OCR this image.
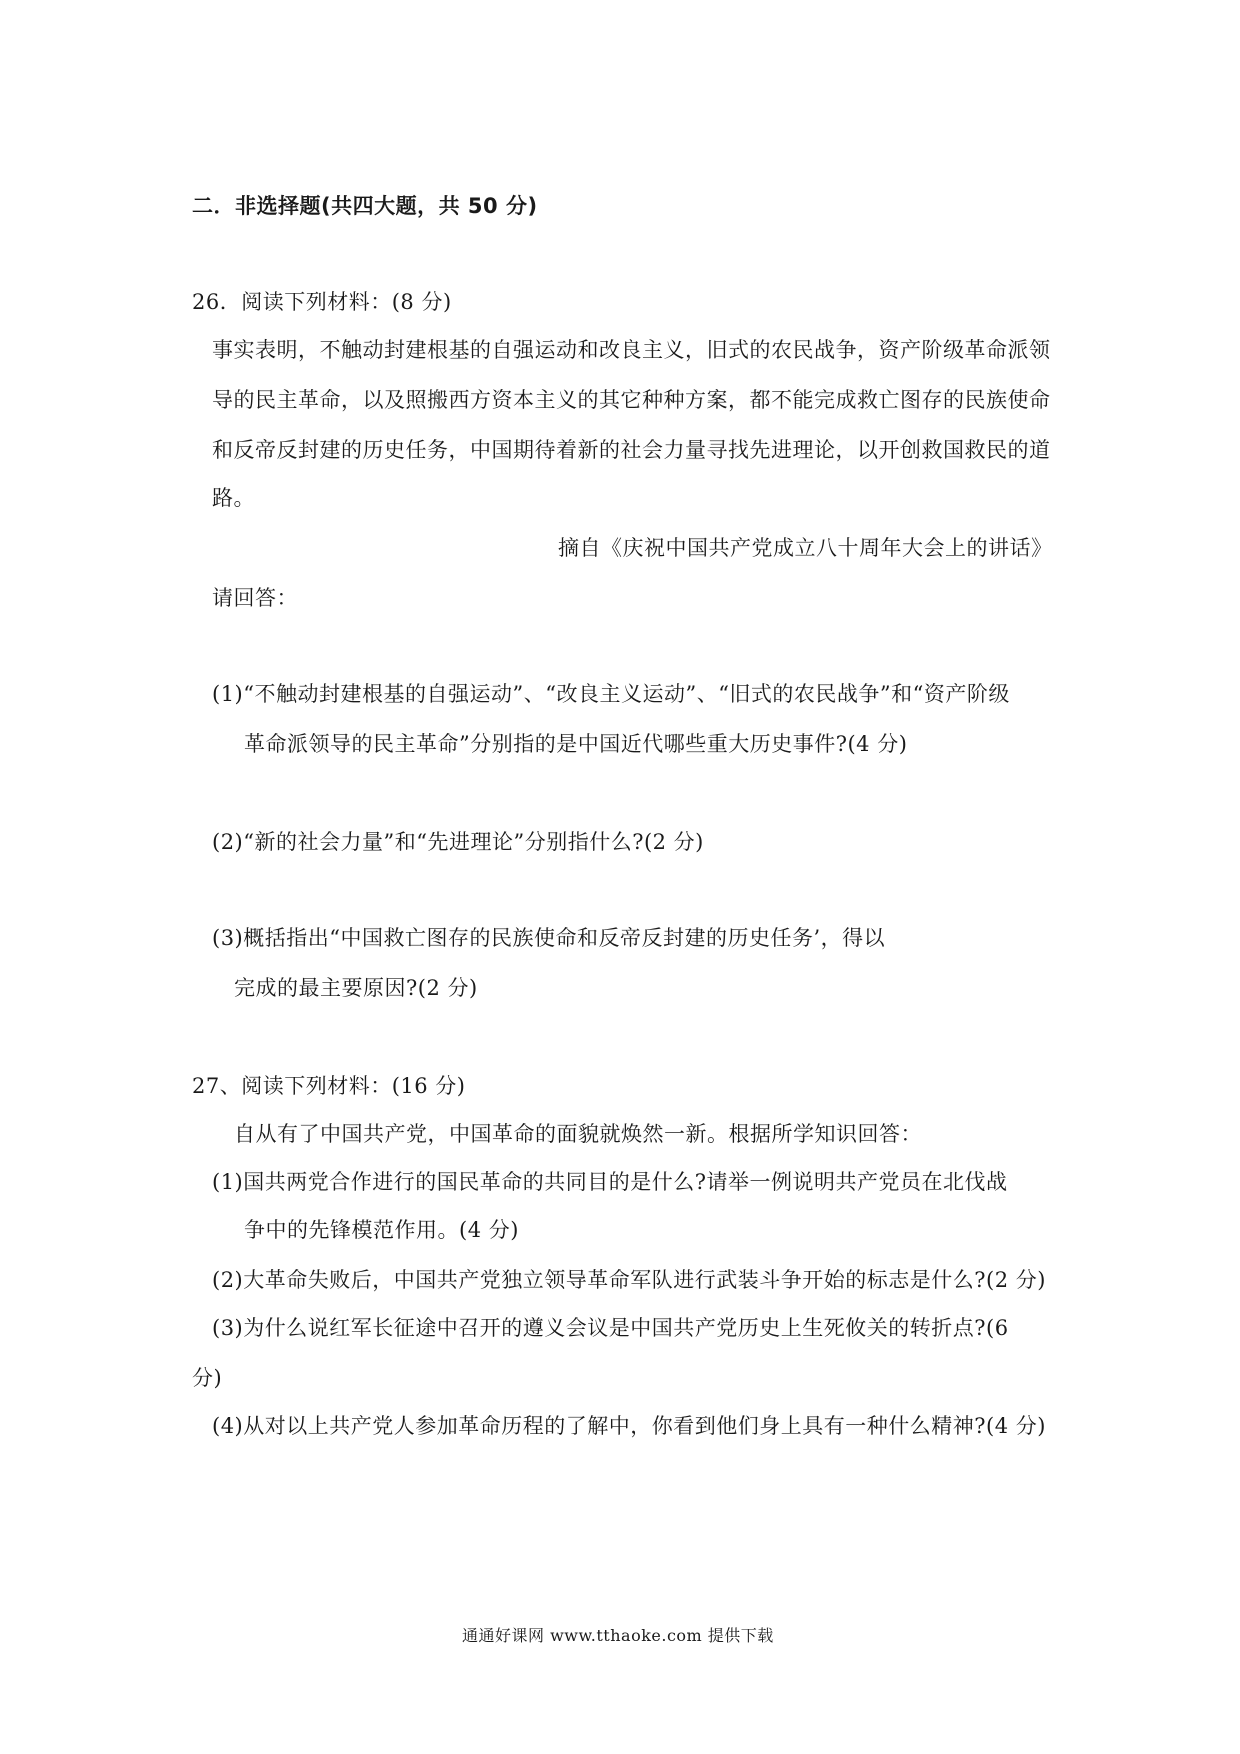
二．非选择题(共四大题，共 50 分)
26．阅读下列材料：(8 分)
事实表明，不触动封建根基的自强运动和改良主义，旧式的农民战争，资产阶级革命派领
导的民主革命，以及照搬西方资本主义的其它种种方案，都不能完成救亡图存的民族使命
和反帝反封建的历史任务，中国期待着新的社会力量寻找先进理论，以开创救国救民的道
路。
摘自《庆祝中国共产党成立八十周年大会上的讲话》
请回答：
(1)“不触动封建根基的自强运动”、“改良主义运动”、“旧式的农民战争”和“资产阶级
革命派领导的民主革命”分别指的是中国近代哪些重大历史事件?(4 分)
(2)“新的社会力量”和“先进理论”分别指什么?(2 分)
(3)概括指出“中国救亡图存的民族使命和反帝反封建的历史任务’，得以
完成的最主要原因?(2 分)
27、阅读下列材料：(16 分)
自从有了中国共产党，中国革命的面貌就焕然一新。根据所学知识回答：
(1)国共两党合作进行的国民革命的共同目的是什么?请举一例说明共产党员在北伐战
争中的先锋模范作用。(4 分)
(2)大革命失败后，中国共产党独立领导革命军队进行武装斗争开始的标志是什么?(2 分)
(3)为什么说红军长征途中召开的遵义会议是中国共产党历史上生死攸关的转折点?(6
分)
(4)从对以上共产党人参加革命历程的了解中，你看到他们身上具有一种什么精神?(4 分)
通通好课网 www.tthaoke.com 提供下载
